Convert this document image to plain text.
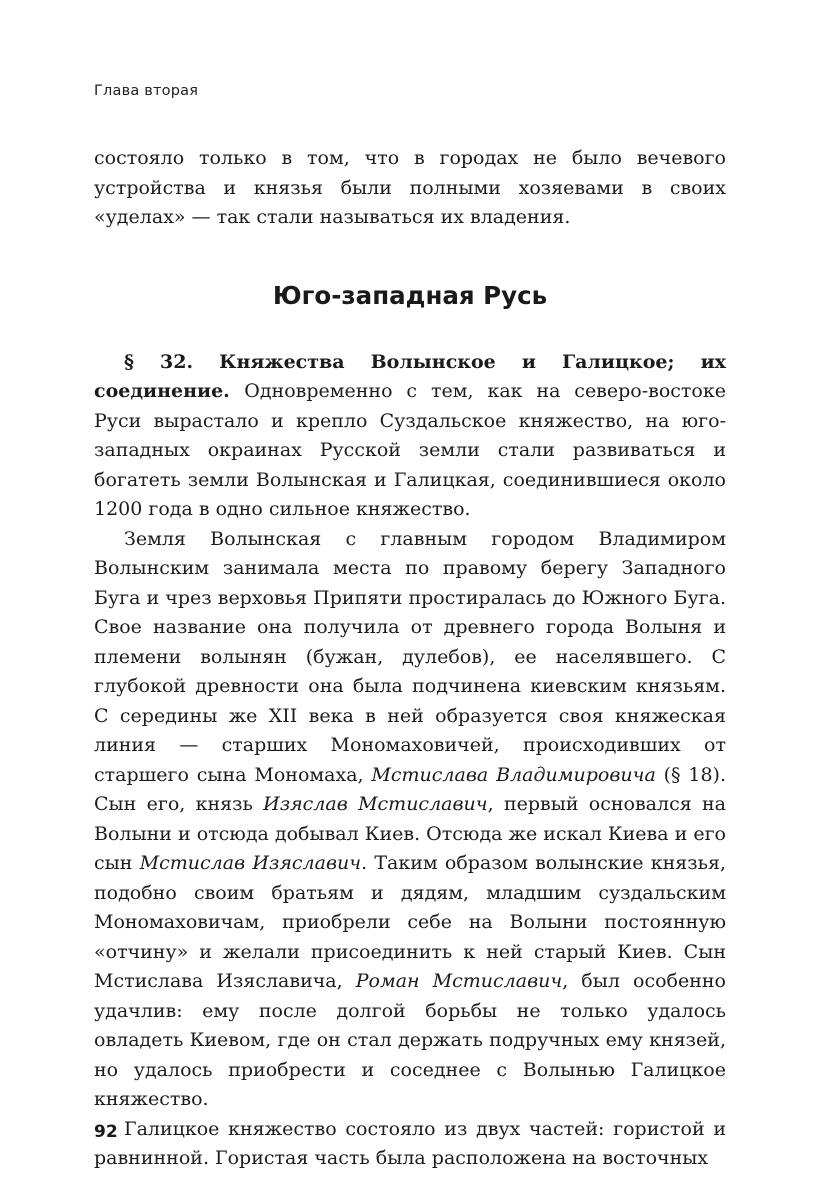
Глава вторая

состояло только в том, что в городах не было вечевого устройства и князья были полными хозяевами в своих «уделах» — так стали называться их владения.

Юго-западная Русь

§ 32. Княжества Волынское и Галицкое; их соединение. Одновременно с тем, как на северо-востоке Руси вырастало и крепло Суздальское княжество, на юго-западных окраинах Русской земли стали развиваться и богатеть земли Волынская и Галицкая, соединившиеся около 1200 года в одно сильное княжество.

Земля Волынская с главным городом Владимиром Волынским занимала места по правому берегу Западного Буга и чрез верховья Припяти простиралась до Южного Буга. Свое название она получила от древнего города Волыня и племени волынян (бужан, дулебов), ее населявшего. С глубокой древности она была подчинена киевским князьям. С середины же XII века в ней образуется своя княжеская линия — старших Мономаховичей, происходивших от старшего сына Мономаха, Мстислава Владимировича (§ 18). Сын его, князь Изяслав Мстиславич, первый основался на Волыни и отсюда добывал Киев. Отсюда же искал Киева и его сын Мстислав Изяславич. Таким образом волынские князья, подобно своим братьям и дядям, младшим суздальским Мономаховичам, приобрели себе на Волыни постоянную «отчину» и желали присоединить к ней старый Киев. Сын Мстислава Изяславича, Роман Мстиславич, был особенно удачлив: ему после долгой борьбы не только удалось овладеть Киевом, где он стал держать подручных ему князей, но удалось приобрести и соседнее с Волынью Галицкое княжество.

Галицкое княжество состояло из двух частей: гористой и равнинной. Гористая часть была расположена на восточных

92
